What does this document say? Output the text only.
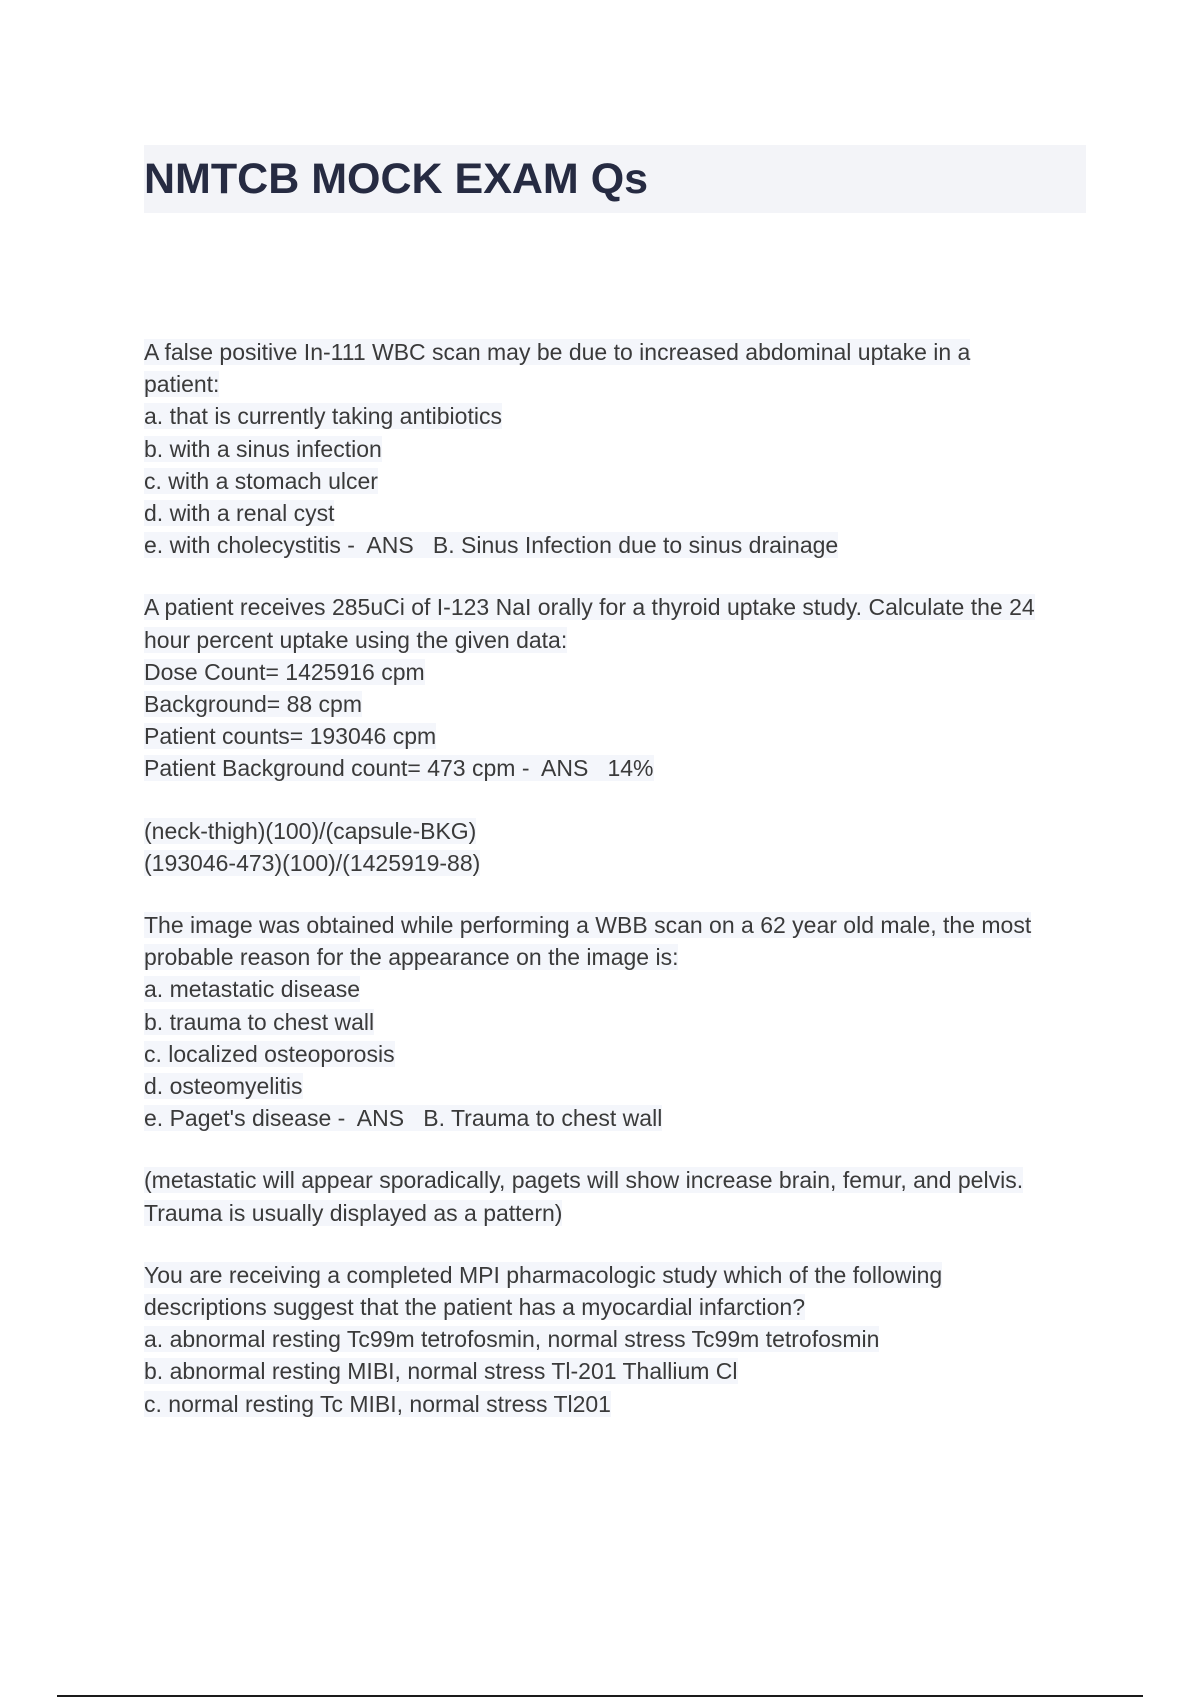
NMTCB MOCK EXAM Qs
A false positive In-111 WBC scan may be due to increased abdominal uptake in a
patient:
a. that is currently taking antibiotics
b. with a sinus infection
c. with a stomach ulcer
d. with a renal cyst
e. with cholecystitis -  ANS   B. Sinus Infection due to sinus drainage
A patient receives 285uCi of I-123 NaI orally for a thyroid uptake study. Calculate the 24
hour percent uptake using the given data:
Dose Count= 1425916 cpm
Background= 88 cpm
Patient counts= 193046 cpm
Patient Background count= 473 cpm -  ANS   14%
(neck-thigh)(100)/(capsule-BKG)
(193046-473)(100)/(1425919-88)
The image was obtained while performing a WBB scan on a 62 year old male, the most
probable reason for the appearance on the image is:
a. metastatic disease
b. trauma to chest wall
c. localized osteoporosis
d. osteomyelitis
e. Paget's disease -  ANS   B. Trauma to chest wall
(metastatic will appear sporadically, pagets will show increase brain, femur, and pelvis.
Trauma is usually displayed as a pattern)
You are receiving a completed MPI pharmacologic study which of the following
descriptions suggest that the patient has a myocardial infarction?
a. abnormal resting Tc99m tetrofosmin, normal stress Tc99m tetrofosmin
b. abnormal resting MIBI, normal stress Tl-201 Thallium Cl
c. normal resting Tc MIBI, normal stress Tl201
